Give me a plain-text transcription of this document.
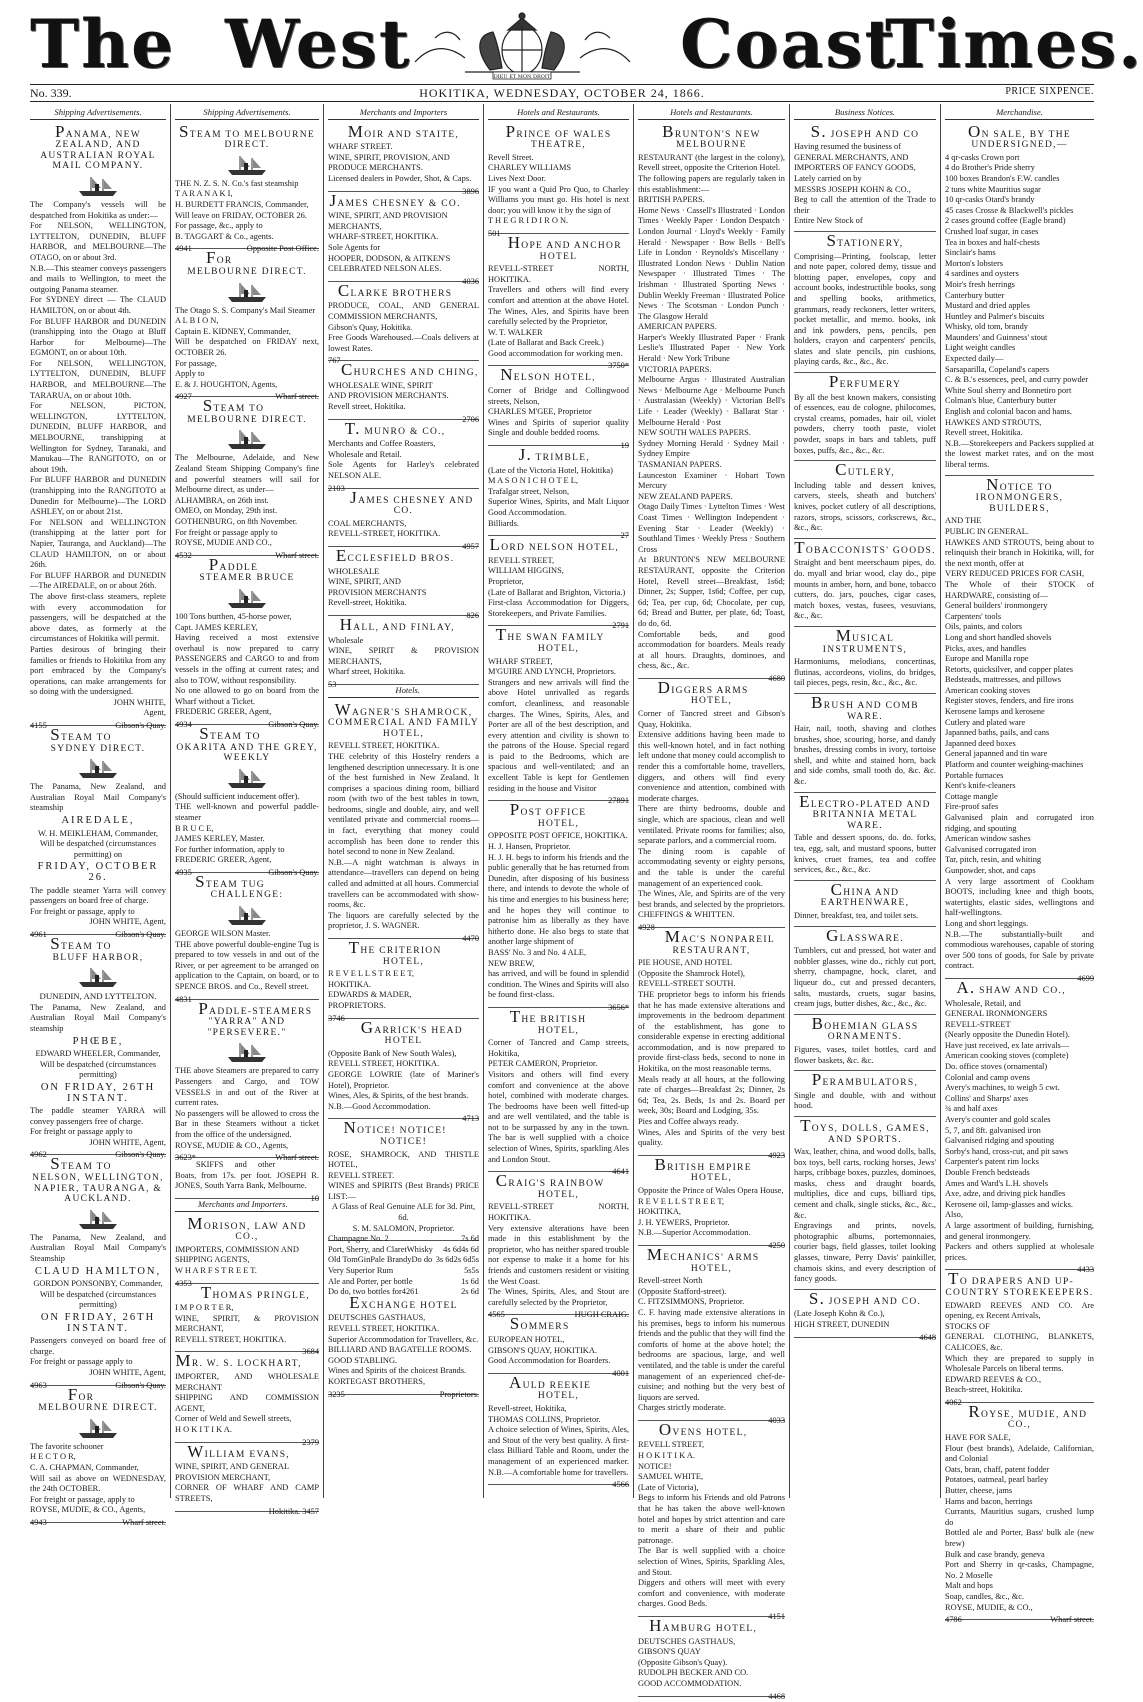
The West	DIEU ET MON DROIT Coast
Times.
No. 339.	HOKITIKA, WEDNESDAY, OCTOBER 24, 1866.	PRICE SIXPENCE.
Shipping Advertisements.
PANAMA, NEW ZEALAND, AND AUSTRALIAN ROYAL MAIL COMPANY.

The Company's vessels will be despatched from Hokitika as under:—

For NELSON, WELLINGTON, LYTTELTON, DUNEDIN, BLUFF HARBOR, and MELBOURNE—The OTAGO, on or about 3rd.

N.B.—This steamer conveys passengers and mails to Wellington, to meet the outgoing Panama steamer.

For SYDNEY direct — The CLAUD HAMILTON, on or about 4th.

For BLUFF HARBOR and DUNEDIN (transhipping into the Otago at Bluff Harbor for Melbourne)—The EGMONT, on or about 10th.

For NELSON, WELLINGTON, LYTTELTON, DUNEDIN, BLUFF HARBOR, and MELBOURNE—The TARARUA, on or about 10th.

For NELSON, PICTON, WELLINGTON, LYTTELTON, DUNEDIN, BLUFF HARBOR, and MELBOURNE, transhipping at Wellington for Sydney, Taranaki, and Manukau—The RANGITOTO, on or about 19th.

For BLUFF HARBOR and DUNEDIN (transhipping into the RANGITOTO at Dunedin for Melbourne)—The LORD ASHLEY, on or about 21st.

For NELSON and WELLINGTON (transhipping at the latter port for Napier, Tauranga, and Auckland)—The CLAUD HAMILTON, on or about 26th.

For BLUFF HARBOR and DUNEDIN—The AIREDALE, on or about 26th.

The above first-class steamers, replete with every accommodation for passengers, will be despatched at the above dates, as formerly at the circumstances of Hokitika will permit.

Parties desirous of bringing their families or friends to Hokitika from any port embraced by the Company's operations, can make arrangements for so doing with the undersigned.

JOHN WHITE,

Agent,

4155	Gibson's Quay.
STEAM TO SYDNEY DIRECT.

The Panama, New Zealand, and Australian Royal Mail Company's steamship

AIREDALE,

W. H. MEIKLEHAM, Commander,

Will be despatched (circumstances permitting) on

FRIDAY, OCTOBER 26.

The paddle steamer Yarra will convey passengers on board free of charge.

For freight or passage, apply to

JOHN WHITE, Agent,

4961	Gibson's Quay.
STEAM TO BLUFF HARBOR,
DUNEDIN, AND LYTTELTON.

The Panama, New Zealand, and Australian Royal Mail Company's steamship

PHŒBE,

EDWARD WHEELER, Commander,

Will be despatched (circumstances permitting)

ON FRIDAY, 26TH INSTANT.

The paddle steamer YARRA will convey passengers free of charge.

For freight or passage apply to

JOHN WHITE, Agent,

4962	Gibson's Quay.
STEAM TO NELSON, WELLINGTON, NAPIER, TAURANGA, & AUCKLAND.

The Panama, New Zealand, and Australian Royal Mail Company's Steamship

CLAUD HAMILTON,

GORDON PONSONBY, Commander,

Will be despatched (circumstances permitting)

ON FRIDAY, 26TH INSTANT.

Passengers conveyed on board free of charge.

For freight or passage apply to

JOHN WHITE, Agent,

4963	Gibson's Quay.
FOR MELBOURNE DIRECT.

The favorite schooner

H E C T O R,

C. A. CHAPMAN, Commander,

Will sail as above on WEDNESDAY, the 24th OCTOBER.

For freight or passage, apply to

ROYSE, MUDIE, & CO., Agents,

4943	Wharf street.
Shipping Advertisements.
STEAM TO MELBOURNE DIRECT.

THE N. Z. S. N. Co.'s fast steamship

T A R A N A K I,

H. BURDETT FRANCIS, Commander,

Will leave on FRIDAY, OCTOBER 26.

For passage, &c., apply to

B. TAGGART & Co., agents.

4941	Opposite Post Office.
FOR MELBOURNE DIRECT.

The Otago S. S. Company's Mail Steamer

A L B I O N,

Captain E. KIDNEY, Commander,

Will be despatched on FRIDAY next, OCTOBER 26.

For passage,

Apply to

E. & J. HOUGHTON, Agents,

4927	Wharf street.
STEAM TO MELBOURNE DIRECT.

The Melbourne, Adelaide, and New Zealand Steam Shipping Company's fine and powerful steamers will sail for Melbourne direct, as under—

ALHAMBRA, on 26th inst.

OMEO, on Monday, 29th inst.

GOTHENBURG, on 8th November.

For freight or passage apply to

ROYSE, MUDIE AND CO.,

4532	Wharf street.
PADDLE STEAMER BRUCE

100 Tons burthen, 45-horse power,

Capt. JAMES KERLEY,

Having received a most extensive overhaul is now prepared to carry PASSENGERS and CARGO to and from vessels in the offing at current rates; and also to TOW, without responsibility.

No one allowed to go on board from the Wharf without a Ticket.

FREDERIC GREER, Agent,

4934	Gibson's Quay.
STEAM TO OKARITA AND THE GREY, WEEKLY

(Should sufficient inducement offer).

THE well-known and powerful paddle-steamer

B R U C E,

JAMES KERLEY, Master.

For further information, apply to

FREDERIC GREER, Agent,

4935	Gibson's Quay.
STEAM TUG CHALLENGE:

GEORGE WILSON Master.

THE above powerful double-engine Tug is prepared to tow vessels in and out of the River, or per agreement to be arranged on application to the Captain, on board, or to SPENCE BROS. and Co., Revell street.

4831 PADDLE-STEAMERS "YARRA" AND "PERSEVERE."

THE above Steamers are prepared to carry Passengers and Cargo, and TOW VESSELS in and out of the River at current rates.

No passengers will be allowed to cross the Bar in these Steamers without a ticket from the office of the undersigned.

ROYSE, MUDIE & CO., Agents,

3623*	Wharf street.

SKIFFS and other Boats, from 17s. per foot. JOSEPH R. JONES, South Yarra Bank, Melbourne.

10
Merchants and Importers.
MORISON, LAW AND CO.,

IMPORTERS, COMMISSION AND

SHIPPING AGENTS,

W H A R F S T R E E T.

4353 THOMAS PRINGLE,

I M P O R T E R,

WINE, SPIRIT, & PROVISION MERCHANT,

REVELL STREET, HOKITIKA.

3684
MR. W. S. LOCKHART,

IMPORTER, AND WHOLESALE MERCHANT

SHIPPING AND COMMISSION AGENT,

Corner of Weld and Sewell streets,

H O K I T I K A.

2379
WILLIAM EVANS,

WINE, SPIRIT, AND GENERAL

PROVISION MERCHANT,

CORNER OF WHARF AND CAMP STREETS,

Hokitika. 3457
Merchants and Importers
MOIR AND STAITE,

WHARF STREET.

WINE, SPIRIT, PROVISION, AND

PRODUCE MERCHANTS.

Licensed dealers in Powder, Shot, & Caps.

3896
JAMES CHESNEY & CO.

WINE, SPIRIT, AND PROVISION

MERCHANTS,

WHARF-STREET, HOKITIKA.

Sole Agents for

HOOPER, DODSON, & AITKEN'S

CELEBRATED NELSON ALES.

4036
CLARKE BROTHERS

PRODUCE, COAL, AND GENERAL COMMISSION MERCHANTS,

Gibson's Quay, Hokitika.

Free Goods Warehoused.—Coals delivers at lowest Rates.

767 CHURCHES AND CHING,

WHOLESALE WINE, SPIRIT

AND PROVISION MERCHANTS.

Revell street, Hokitika.

2706
T. MUNRO & CO.,

Merchants and Coffee Roasters,

Wholesale and Retail.

Sole Agents for Harley's celebrated NELSON ALE.

2103 JAMES CHESNEY AND CO.

COAL MERCHANTS,

REVELL-STREET, HOKITIKA.

4957
ECCLESFIELD BROS.

WHOLESALE

WINE, SPIRIT, AND

PROVISION MERCHANTS

Revell-street, Hokitika.

826
HALL, AND FINLAY,

Wholesale

WINE, SPIRIT & PROVISION MERCHANTS,

Wharf street, Hokitika.

53
Hotels.
WAGNER'S SHAMROCK, COMMERCIAL AND FAMILY HOTEL,

REVELL STREET, HOKITIKA.

THE celebrity of this Hostelry renders a lengthened description unnecessary. It is one of the best furnished in New Zealand. It comprises a spacious dining room, billiard room (with two of the best tables in town, bedrooms, single and double, airy, and well ventilated private and commercial rooms—in fact, everything that money could accomplish has been done to render this hotel second to none in New Zealand.

N.B.—A night watchman is always in attendance—travellers can depend on being called and admitted at all hours. Commercial travellers can be accommodated with show-rooms, &c.

The liquors are carefully selected by the proprietor, J. S. WAGNER.

4470
THE CRITERION HOTEL,

R E V E L L S T R E E T,

HOKITIKA.

EDWARDS & MADER,

PROPRIETORS.

3746	GARRICK'S HEAD HOTEL

(Opposite Bank of New South Wales),

REVELL STREET, HOKITIKA.

GEORGE LOWRIE (late of Mariner's Hotel), Proprietor.

Wines, Ales, & Spirits, of the best brands.

N.B.—Good Accommodation.

4713
NOTICE! NOTICE! NOTICE!

ROSE, SHAMROCK, AND THISTLE HOTEL,

REVELL STREET.

WINES and SPIRITS (Best Brands) PRICE LIST:—

A Glass of Real Genuine ALE for 3d. Pint, 6d.

S. M. SALOMON, Proprietor.

Champagne No. 2	7s 6d
Port, Sherry, and Claret	4s 6d
Whisky 4s 6d
Old Tom	5s
Gin	2s 6d
Pale Brandy	3s 6d
Do do
5s
Very Superior Rum	5s
Ale and Porter, per bottle	1s 6d
Do do, two bottles for	2s 6d
4261
EXCHANGE HOTEL

DEUTSCHES GASTHAUS,

REVELL STREET, HOKITIKA.

Superior Accommodation for Travellers, &c.

BILLIARD AND BAGATELLE ROOMS.

GOOD STABLING.

Wines and Spirits of the choicest Brands.

KORTEGAST BROTHERS,

3235	Proprietors.
Hotels and Restaurants.
PRINCE OF WALES THEATRE,

Revell Street.

CHARLEY WILLIAMS

Lives Next Door.

IF you want a Quid Pro Quo, to Charley Williams you must go. His hotel is next door; you will know it by the sign of

T H E G R I D I R O N.

501 HOPE AND ANCHOR HOTEL

REVELL-STREET NORTH, HOKITIKA.

Travellers and others will find every comfort and attention at the above Hotel. The Wines, Ales, and Spirits have been carefully selected by the Proprietor,

W. T. WALKER

(Late of Ballarat and Back Creek.)

Good accommodation for working men.

3750*
NELSON HOTEL,

Corner of Bridge and Collingwood streets, Nelson,

CHARLES M'GEE, Proprietor

Wines and Spirits of superior quality Single and double bedded rooms.

19
J. TRIMBLE,

(Late of the Victoria Hotel, Hokitika)

M A S O N I C H O T E L,

Trafalgar street, Nelson,

Superior Wines, Spirits, and Malt Liquor Good Accommodation.

Billiards.

27
LORD NELSON HOTEL,

REVELL STREET,

WILLIAM HIGGINS,

Proprietor,

(Late of Ballarat and Brighton, Victoria.)

First-class Accommodation for Diggers, Storekeepers, and Private Families.

2791
THE SWAN FAMILY HOTEL,

WHARF STREET,

M'GUIRE AND LYNCH, Proprietors.

Strangers and new arrivals will find the above Hotel unrivalled as regards comfort, cleanliness, and reasonable charges. The Wines, Spirits, Ales, and Porter are all of the best description, and every attention and civility is shown to the patrons of the House. Special regard is paid to the Bedrooms, which are spacious and well-ventilated; and an excellent Table is kept for Gentlemen residing in the house and Visitor

27891
POST OFFICE HOTEL,

OPPOSITE POST OFFICE, HOKITIKA.

H. J. Hansen, Proprietor.

H. J. H. begs to inform his friends and the public generally that he has returned from Dunedin, after disposing of his business there, and intends to devote the whole of his time and energies to his business here; and he hopes they will continue to patronise him as liberally as they have hitherto done. He also begs to state that another large shipment of

BASS' No. 3 and No. 4 ALE,

NEW BREW,

has arrived, and will be found in splendid condition. The Wines and Spirits will also be found first-class.

3656*
THE BRITISH HOTEL,

Corner of Tancred and Camp streets, Hokitika,

PETER CAMERON, Proprietor.

Visitors and others will find every comfort and convenience at the above hotel, combined with moderate charges. The bedrooms have been well fitted-up and are well ventilated, and the table is not to be surpassed by any in the town. The bar is well supplied with a choice selection of Wines, Spirits, sparkling Ales and London Stout.

4641
CRAIG'S RAINBOW HOTEL,

REVELL-STREET NORTH, HOKITIKA.

Very extensive alterations have been made in this establishment by the proprietor, who has neither spared trouble nor expense to make it a home for his friends and customers resident or visiting the West Coast.

The Wines, Spirits, Ales, and Stout are carefully selected by the Proprietor,

4565	HUGH CRAIG.
SOMMERS

EUROPEAN HOTEL,

GIBSON'S QUAY, HOKITIKA.

Good Accommodation for Boarders.

4001
AULD REEKIE HOTEL,

Revell-street, Hokitika,

THOMAS COLLINS, Proprietor.

A choice selection of Wines, Spirits, Ales, and Stout of the very best quality. A first-class Billiard Table and Room, under the management of an experienced marker. N.B.—A comfortable home for travellers.

4566
Hotels and Restaurants.
BRUNTON'S NEW MELBOURNE

RESTAURANT (the largest in the colony), Revell street, opposite the Criterion Hotel.

The following papers are regularly taken in this establishment:—

BRITISH PAPERS.

Home News · Cassell's Illustrated · London Times · Weekly Paper · London Despatch · London Journal · Lloyd's Weekly · Family Herald · Newspaper · Bow Bells · Bell's Life in London · Reynolds's Miscellany · Illustrated London News · Dublin Nation Newspaper · Illustrated Times · The Irishman · Illustrated Sporting News · Dublin Weekly Freeman · Illustrated Police News · The Scotsman · London Punch · The Glasgow Herald

AMERICAN PAPERS.

Harper's Weekly Illustrated Paper · Frank Leslie's Illustrated Paper · New York Herald · New York Tribune

VICTORIA PAPERS.

Melbourne Argus · Illustrated Australian News · Melbourne Age · Melbourne Punch · Australasian (Weekly) · Victorian Bell's Life · Leader (Weekly) · Ballarat Star · Melbourne Herald · Post

NEW SOUTH WALES PAPERS.

Sydney Morning Herald · Sydney Mail · Sydney Empire

TASMANIAN PAPERS.

Launceston Examiner · Hobart Town Mercury

NEW ZEALAND PAPERS.

Otago Daily Times · Lyttelton Times · West Coast Times · Wellington Independent · Evening Star · Leader (Weekly) · Southland Times · Weekly Press · Southern Cross

At BRUNTON'S NEW MELBOURNE RESTAURANT, opposite the Criterion Hotel, Revell street—Breakfast, 1s6d; Dinner, 2s; Supper, 1s6d; Coffee, per cup, 6d; Tea, per cup, 6d; Chocolate, per cup, 6d; Bread and Butter, per plate, 6d; Toast, do do, 6d.

Comfortable beds, and good accommodation for boarders. Meals ready at all hours. Draughts, dominoes, and chess, &c., &c.

4680
DIGGERS ARMS HOTEL,

Corner of Tancred street and Gibson's Quay, Hokitika.

Extensive additions having been made to this well-known hotel, and in fact nothing left undone that money could accomplish to render this a comfortable home, travellers, diggers, and others will find every convenience and attention, combined with moderate charges.

There are thirty bedrooms, double and single, which are spacious, clean and well ventilated. Private rooms for families; also, separate parlors, and a commercial room.

The dining room is capable of accommodating seventy or eighty persons, and the table is under the careful management of an experienced cook.

The Wines, Ale, and Spirits are of the very best brands, and selected by the proprietors.

CHEFFINGS & WHITTEN.

4928	MAC'S NONPAREIL RESTAURANT,

PIE HOUSE, AND HOTEL

(Opposite the Shamrock Hotel),

REVELL-STREET SOUTH.

THE proprietor begs to inform his friends that he has made extensive alterations and improvements in the bedroom department of the establishment, has gone to considerable expense in erecting additional accommodation, and is now prepared to provide first-class beds, second to none in Hokitika, on the most reasonable terms.

Meals ready at all hours, at the following rate of charges—Breakfast 2s; Dinner, 2s 6d; Tea, 2s. Beds, 1s and 2s. Board per week, 30s; Board and Lodging, 35s.

Pies and Coffee always ready.

Wines, Ales and Spirits of the very best quality.

4923
BRITISH EMPIRE HOTEL,

Opposite the Prince of Wales Opera House,

R E V E L L S T R E E T,

HOKITIKA,

J. H. YEWERS, Proprietor.

N.B.—Superior Accommodation.

4250
MECHANICS' ARMS HOTEL,

Revell-street North

(Opposite Stafford-street).

C. FITZSIMMONS, Proprietor.

C. F. having made extensive alterations in his premises, begs to inform his numerous friends and the public that they will find the comforts of home at the above hotel; the bedrooms are spacious, large, and well ventilated, and the table is under the careful management of an experienced chef-de-cuisine; and nothing but the very best of liquors are served.

Charges strictly moderate.

4033
OVENS HOTEL,

REVELL STREET,

H O K I T I K A.

NOTICE!

SAMUEL WHITE,

(Late of Victoria),

Begs to inform his Friends and old Patrons that he has taken the above well-known hotel and hopes by strict attention and care to merit a share of their and public patronage.

The Bar is well supplied with a choice selection of Wines, Spirits, Sparkling Ales, and Stout.

Diggers and others will meet with every comfort and convenience, with moderate charges. Good Beds.

4151
HAMBURG HOTEL,

DEUTSCHES GASTHAUS,

GIBSON'S QUAY

(Opposite Gibson's Quay).

RUDOLPH BECKER AND CO.

GOOD ACCOMMODATION.

4468
Business Notices.
S. JOSEPH AND CO

Having resumed the business of

GENERAL MERCHANTS, AND

IMPORTERS OF FANCY GOODS,

Lately carried on by

MESSRS JOSEPH KOHN & CO.,

Beg to call the attention of the Trade to their

Entire New Stock of

STATIONERY,

Comprising—Printing, foolscap, letter and note paper, colored demy, tissue and blotting paper, envelopes, copy and account books, indestructible books, song and spelling books, arithmetics, grammars, ready reckoners, letter writers, pocket metallic, and memo. books, ink and ink powders, pens, pencils, pen holders, crayon and carpenters' pencils, slates and slate pencils, pin cushions, playing cards, &c., &c., &c.

PERFUMERY

By all the best known makers, consisting of essences, eau de cologne, philocomes, crystal creams, pomades, hair oil, violet powders, cherry tooth paste, violet powder, soaps in bars and tablets, puff boxes, puffs, &c., &c., &c.

CUTLERY,

Including table and dessert knives, carvers, steels, sheath and butchers' knives, pocket cutlery of all descriptions, razors, strops, scissors, corkscrews, &c., &c., &c.

TOBACCONISTS' GOODS.

Straight and bent meerschaum pipes, do. do. myall and briar wood, clay do., pipe mounts in amber, horn, and bone, tobacco cutters, do. jars, pouches, cigar cases, match boxes, vestas, fusees, vesuvians, &c., &c.

MUSICAL INSTRUMENTS,

Harmoniums, melodians, concertinas, flutinas, accordeons, violins, do bridges, tail pieces, pegs, resin, &c., &c., &c.

BRUSH AND COMB WARE.

Hair, nail, tooth, shaving and clothes brushes, shoe, scouring, horse, and dandy brushes, dressing combs in ivory, tortoise shell, and white and stained horn, back and side combs, small tooth do, &c. &c. &c.

ELECTRO-PLATED AND BRITANNIA METAL WARE.

Table and dessert spoons, do. do. forks, tea, egg, salt, and mustard spoons, butter knives, cruet frames, tea and coffee services, &c., &c., &c.

CHINA AND EARTHENWARE,

Dinner, breakfast, tea, and toilet sets.

GLASSWARE.

Tumblers, cut and pressed, hot water and nobbler glasses, wine do., richly cut port, sherry, champagne, hock, claret, and liqueur do., cut and pressed decanters, salts, mustards, cruets, sugar basins, cream jugs, butter dishes, &c., &c., &c.

BOHEMIAN GLASS ORNAMENTS.

Figures, vases, toilet bottles, card and flower baskets, &c. &c.

PERAMBULATORS,

Single and double, with and without hood.

TOYS, DOLLS, GAMES, AND SPORTS.

Wax, leather, china, and wood dolls, balls, box toys, bell carts, rocking horses, Jews' harps, cribbage boxes, puzzles, dominoes, masks, chess and draught boards, multiplies, dice and cups, billiard tips, cement and chalk, single sticks, &c., &c., &c.

Engravings and prints, novels, photographic albums, portemonnaies, courier bags, field glasses, toilet looking glasses, tinware, Perry Davis' painkiller, chamois skins, and every description of fancy goods.

S. JOSEPH AND CO.

(Late Joseph Kohn & Co.),

HIGH STREET, DUNEDIN

4648
Merchandise.
ON SALE, BY THE UNDERSIGNED,—

4 qr-casks Crown port

4 do Brother's Pride sherry

100 boxes Brandon's F.W. candles

2 tuns white Mauritius sugar

10 qr-casks Otard's brandy

45 cases Crosse & Blackwell's pickles

2 cases ground coffee (Eagle brand)

Crushed loaf sugar, in cases

Tea in boxes and half-chests

Sinclair's hams

Morton's lobsters

4 sardines and oysters

Moir's fresh herrings

Canterbury butter

Mustard and dried apples

Huntley and Palmer's biscuits

Whisky, old tom, brandy

Maunders' and Guinness' stout

Light weight candles

Expected daily—

Sarsaparilla, Copeland's capers

C. & B.'s essences, peel, and curry powder

White Soul sherry and Bonnetiro port

Colman's blue, Canterbury butter

English and colonial bacon and hams.

HAWKES AND STROUTS,

Revell street, Hokitika.

N.B.—Storekeepers and Packers supplied at the lowest market rates, and on the most liberal terms.

NOTICE TO IRONMONGERS, BUILDERS,

AND THE

PUBLIC IN GENERAL.

HAWKES AND STROUTS, being about to relinquish their branch in Hokitika, will, for the next month, offer at

VERY REDUCED PRICES FOR CASH,

The Whole of their STOCK of HARDWARE, consisting of—

General builders' ironmongery

Carpenters' tools

Oils, paints, and colors

Long and short handled shovels

Picks, axes, and handles

Europe and Manilla rope

Retorts, quicksilver, and copper plates

Bedsteads, mattresses, and pillows

American cooking stoves

Register stoves, fenders, and fire irons

Kerosene lamps and kerosene

Cutlery and plated ware

Japanned baths, pails, and cans

Japanned deed boxes

General japanned and tin ware

Platform and counter weighing-machines

Portable furnaces

Kent's knife-cleaners

Cottage mangle

Fire-proof safes

Galvanised plain and corrugated iron ridging, and spouting

American window sashes

Galvanised corrugated iron

Tar, pitch, resin, and whiting

Gunpowder, shot, and caps

A very large assortment of Cookham BOOTS, including knee and thigh boots, watertights, elastic sides, wellingtons and half-wellingtons.

Long and short leggings.

N.B.—The substantially-built and commodious warehouses, capable of storing over 500 tons of goods, for Sale by private contract.

4699
A. SHAW AND CO.,

Wholesale, Retail, and

GENERAL IRONMONGERS

REVELL-STREET

(Nearly opposite the Dunedin Hotel).

Have just received, ex late arrivals—

American cooking stoves (complete)

Do. office stoves (ornamental)

Colonial and camp ovens

Avery's machines, to weigh 5 cwt.

Collins' and Sharps' axes

¾ and half axes

Avery's counter and gold scales

5, 7, and 8ft. galvanised iron

Galvanised ridging and spouting

Sorby's hand, cross-cut, and pit saws

Carpenter's patent rim locks

Double French bedsteads

Ames and Ward's L.H. shovels

Axe, adze, and driving pick handles

Kerosene oil, lamp-glasses and wicks.

Also,

A large assortment of building, furnishing, and general ironmongery.

Packers and others supplied at wholesale prices.

4433
TO DRAPERS AND UP-COUNTRY STOREKEEPERS.

EDWARD REEVES AND CO. Are opening, ex Recent Arrivals,

STOCKS OF

GENERAL CLOTHING, BLANKETS, CALICOES, &c.

Which they are prepared to supply in Wholesale Parcels on liberal terms.

EDWARD REEVES & CO.,

Beach-street, Hokitika.

4062 ROYSE, MUDIE, AND CO.,

HAVE FOR SALE,

Flour (best brands), Adelaide, Californian, and Colonial

Oats, bran, chaff, patent fodder

Potatoes, oatmeal, pearl barley

Butter, cheese, jams

Hams and bacon, herrings

Currants, Mauritius sugars, crushed lump do

Bottled ale and Porter, Bass' bulk ale (new brew)

Bulk and case brandy, geneva

Port and Sherry in qr-casks, Champagne, No. 2 Moselle

Malt and hops

Soap, candles, &c., &c.

ROYSE, MUDIE, & CO.,

4786	Wharf street.
